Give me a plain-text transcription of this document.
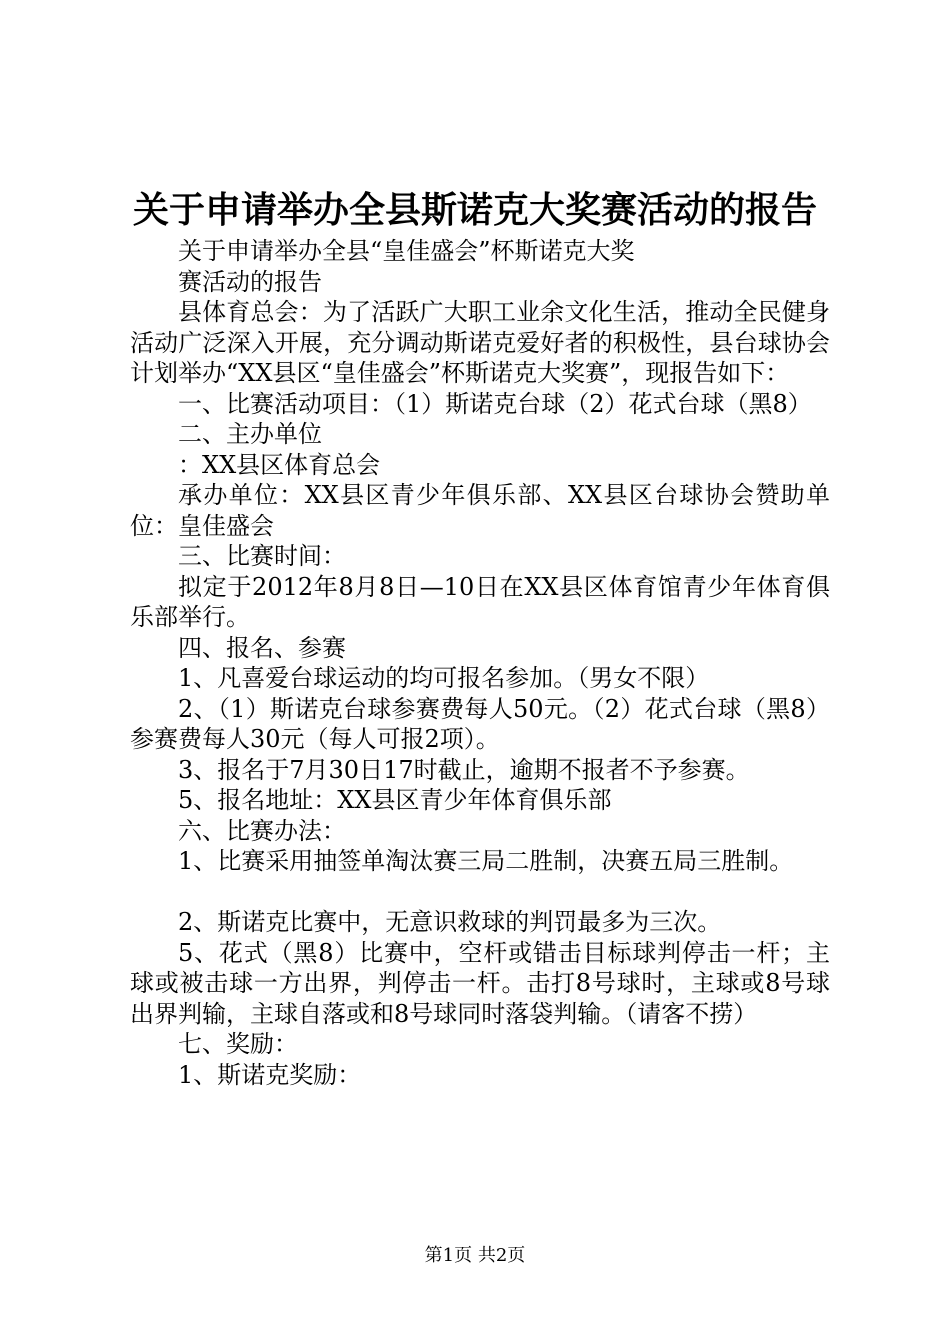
关于申请举办全县斯诺克大奖赛活动的报告

关于申请举办全县“皇佳盛会”杯斯诺克大奖

赛活动的报告

县体育总会：为了活跃广大职工业余文化生活，推动全民健身活动广泛深入开展，充分调动斯诺克爱好者的积极性，县台球协会计划举办“XX县区“皇佳盛会”杯斯诺克大奖赛”，现报告如下：

一、比赛活动项目：（1）斯诺克台球（2）花式台球（黑8）

二、主办单位

：XX县区体育总会

承办单位：XX县区青少年俱乐部、XX县区台球协会赞助单位：皇佳盛会

三、比赛时间：

拟定于2012年8月8日—10日在XX县区体育馆青少年体育俱乐部举行。

四、报名、参赛

1、凡喜爱台球运动的均可报名参加。（男女不限）

2、（1）斯诺克台球参赛费每人50元。（2）花式台球（黑8）参赛费每人30元（每人可报2项）。

3、报名于7月30日17时截止，逾期不报者不予参赛。

5、报名地址：XX县区青少年体育俱乐部

六、比赛办法：

1、比赛采用抽签单淘汰赛三局二胜制，决赛五局三胜制。

2、斯诺克比赛中，无意识救球的判罚最多为三次。

5、花式（黑8）比赛中，空杆或错击目标球判停击一杆；主球或被击球一方出界，判停击一杆。击打8号球时，主球或8号球出界判输，主球自落或和8号球同时落袋判输。（请客不捞）

七、奖励：

1、斯诺克奖励：

第1页 共2页
